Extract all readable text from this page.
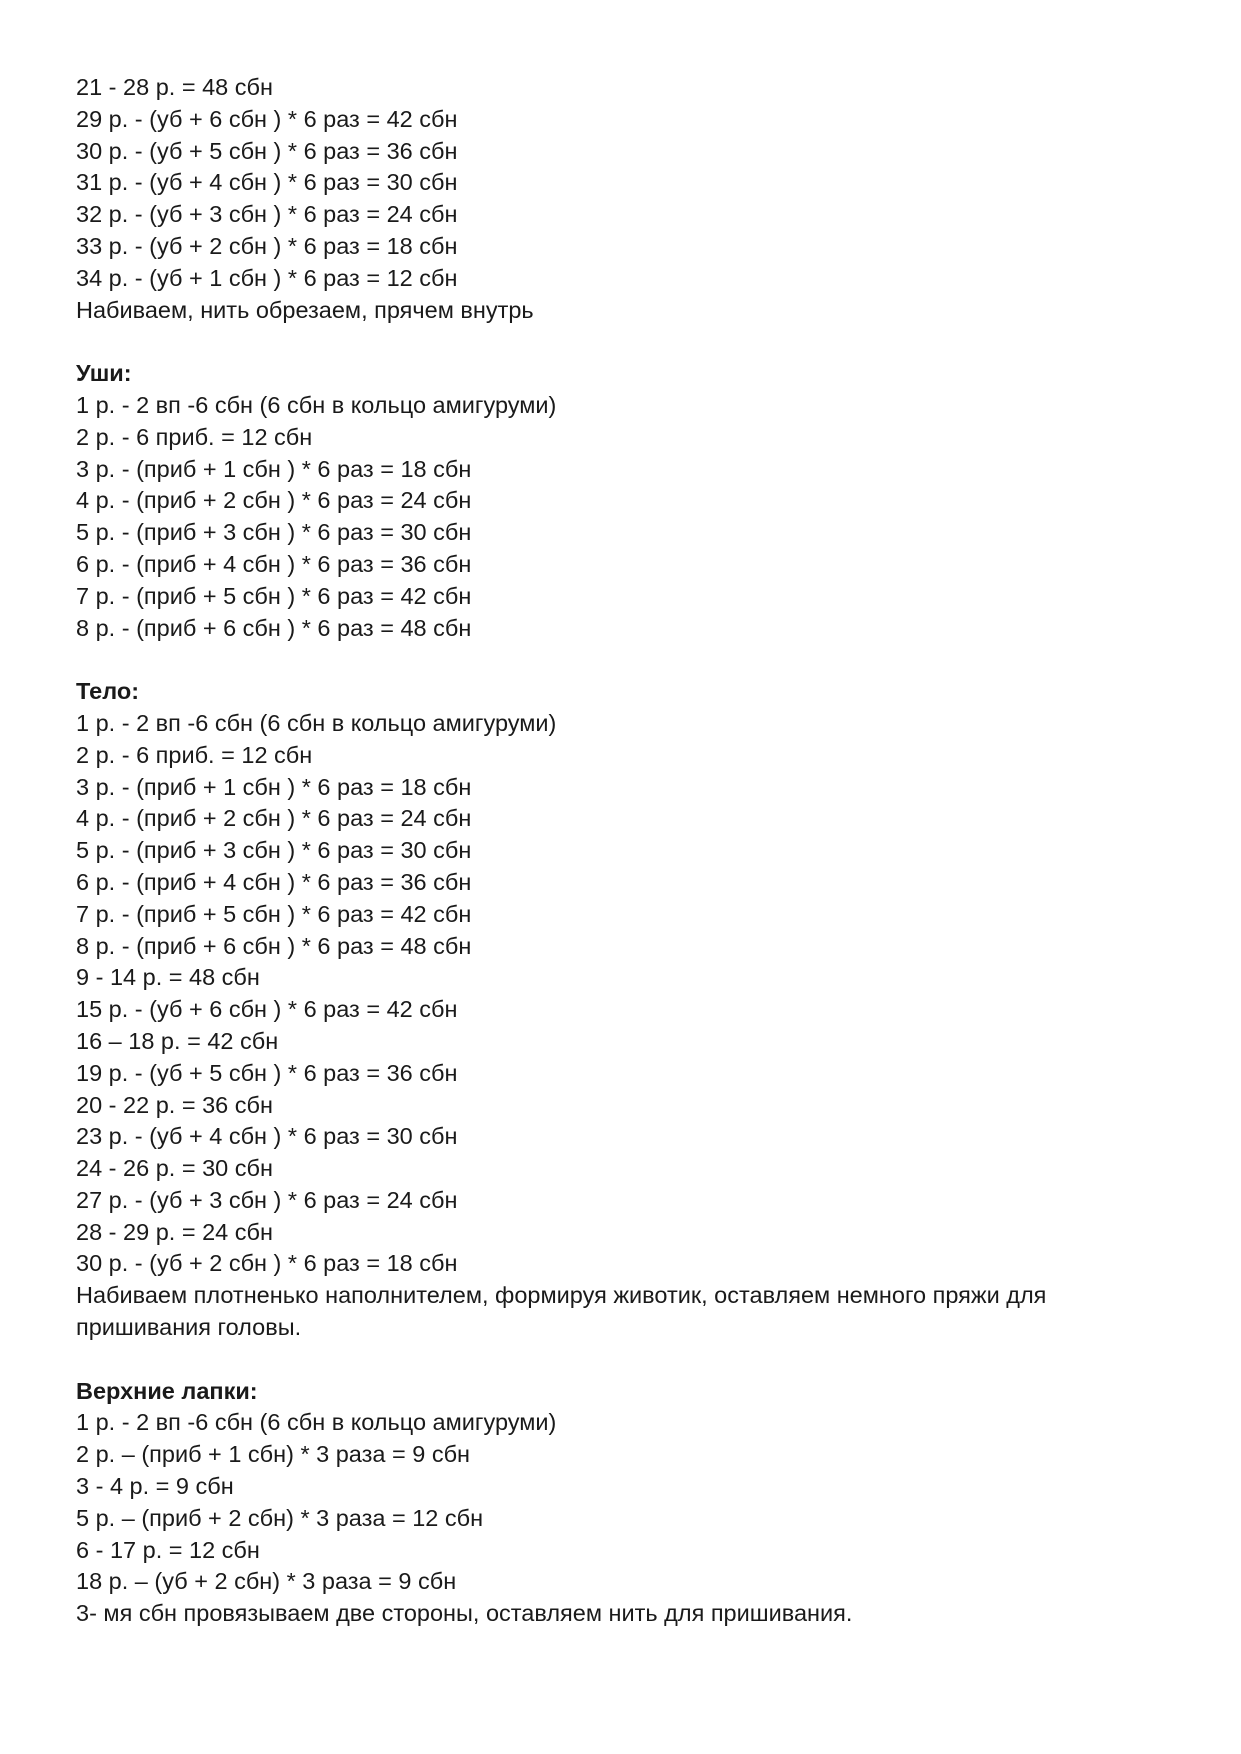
21 - 28 р. = 48 сбн
29 р. - (уб + 6 сбн ) * 6 раз = 42 сбн
30 р. - (уб + 5 сбн ) * 6 раз = 36 сбн
31 р. - (уб + 4 сбн ) * 6 раз = 30 сбн
32 р. - (уб + 3 сбн ) * 6 раз = 24 сбн
33 р. - (уб + 2 сбн ) * 6 раз = 18 сбн
34 р. - (уб + 1 сбн ) * 6 раз = 12 сбн
Набиваем, нить обрезаем, прячем внутрь
Уши:
1 р. - 2 вп -6 сбн (6 сбн в кольцо амигуруми)
2 р. - 6 приб. = 12 сбн
3 р. - (приб + 1 сбн ) * 6 раз = 18 сбн
4 р. - (приб + 2 сбн ) * 6 раз = 24 сбн
5 р. - (приб + 3 сбн ) * 6 раз = 30 сбн
6 р. - (приб + 4 сбн ) * 6 раз = 36 сбн
7 р. - (приб + 5 сбн ) * 6 раз = 42 сбн
8 р. - (приб + 6 сбн ) * 6 раз = 48 сбн
Тело:
1 р. - 2 вп -6 сбн (6 сбн в кольцо амигуруми)
2 р. - 6 приб. = 12 сбн
3 р. - (приб + 1 сбн ) * 6 раз = 18 сбн
4 р. - (приб + 2 сбн ) * 6 раз = 24 сбн
5 р. - (приб + 3 сбн ) * 6 раз = 30 сбн
6 р. - (приб + 4 сбн ) * 6 раз = 36 сбн
7 р. - (приб + 5 сбн ) * 6 раз = 42 сбн
8 р. - (приб + 6 сбн ) * 6 раз = 48 сбн
9 - 14 р. = 48 сбн
15 р. - (уб + 6 сбн ) * 6 раз = 42 сбн
16 – 18 р. = 42 сбн
19 р. - (уб + 5 сбн ) * 6 раз = 36 сбн
20 - 22 р. = 36 сбн
23 р. - (уб + 4 сбн ) * 6 раз = 30 сбн
24 - 26 р. = 30 сбн
27 р. - (уб + 3 сбн ) * 6 раз = 24 сбн
28 - 29 р. = 24 сбн
30 р. - (уб + 2 сбн ) * 6 раз = 18 сбн
Набиваем плотненько наполнителем, формируя животик, оставляем немного пряжи для
пришивания головы.
Верхние лапки:
1 р. - 2 вп -6 сбн (6 сбн в кольцо амигуруми)
2 р. – (приб + 1 сбн) * 3 раза = 9 сбн
3 - 4 р. = 9 сбн
5 р. – (приб + 2 сбн) * 3 раза = 12 сбн
6 - 17 р. = 12 сбн
18 р. – (уб + 2 сбн) * 3 раза = 9 сбн
3- мя сбн провязываем две стороны, оставляем нить для пришивания.
